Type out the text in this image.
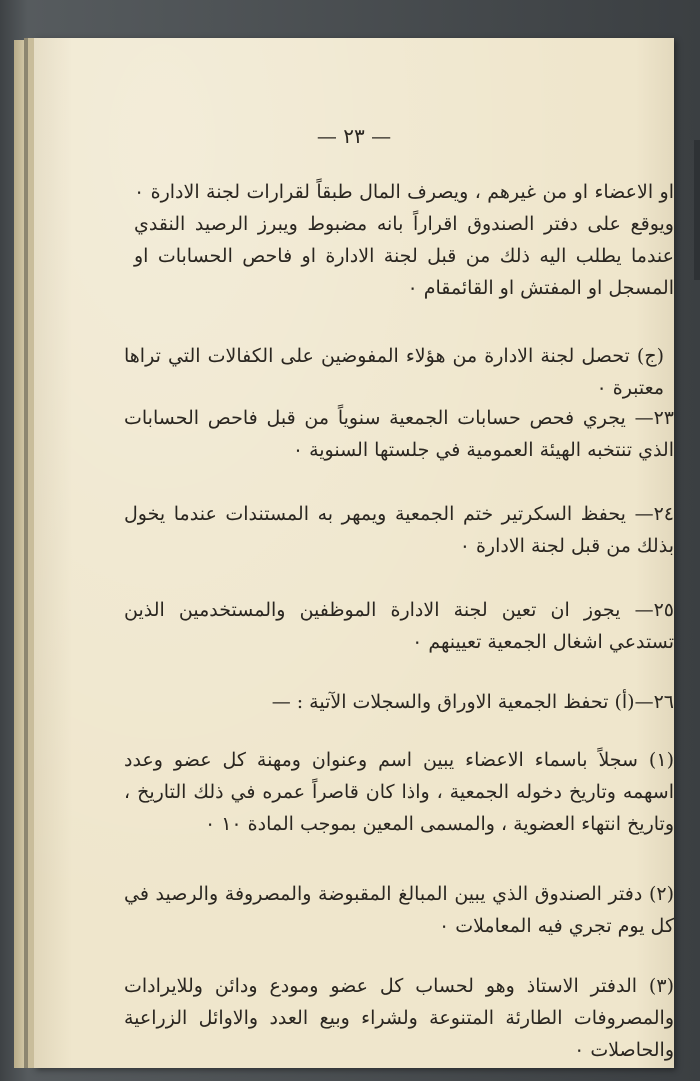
— ٢٣ —

او الاعضاء او من غيرهم ، ويصرف المال طبقاً لقرارات لجنة الادارة ٠ ويوقع على دفتر الصندوق اقراراً بانه مضبوط ويبرز الرصيد النقدي عندما يطلب اليه ذلك من قبل لجنة الادارة او فاحص الحسابات او المسجل او المفتش او القائمقام ٠

(ج) تحصل لجنة الادارة من هؤلاء المفوضين على الكفالات التي تراها معتبرة ٠

٢٣— يجري فحص حسابات الجمعية سنوياً من قبل فاحص الحسابات الذي تنتخبه الهيئة العمومية في جلستها السنوية ٠

٢٤— يحفظ السكرتير ختم الجمعية ويمهر به المستندات عندما يخول بذلك من قبل لجنة الادارة ٠

٢٥— يجوز ان تعين لجنة الادارة الموظفين والمستخدمين الذين تستدعي اشغال الجمعية تعيينهم ٠

٢٦—(أ) تحفظ الجمعية الاوراق والسجلات الآتية : —

(١) سجلاً باسماء الاعضاء يبين اسم وعنوان ومهنة كل عضو وعدد اسهمه وتاريخ دخوله الجمعية ، واذا كان قاصراً عمره في ذلك التاريخ ، وتاريخ انتهاء العضوية ، والمسمى المعين بموجب المادة ١٠ ٠

(٢) دفتر الصندوق الذي يبين المبالغ المقبوضة والمصروفة والرصيد في كل يوم تجري فيه المعاملات ٠

(٣) الدفتر الاستاذ وهو لحساب كل عضو ومودع ودائن وللايرادات والمصروفات الطارئة المتنوعة ولشراء وبيع العدد والاوائل الزراعية والحاصلات ٠
